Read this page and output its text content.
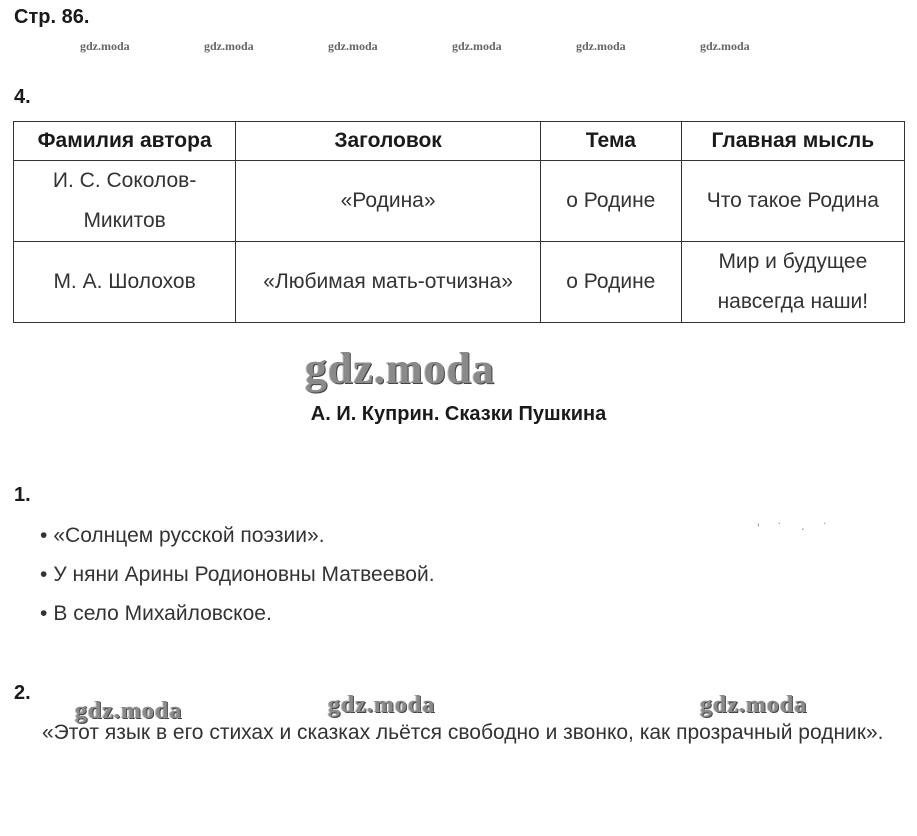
Стр. 86.
gdz.moda	gdz.moda	gdz.moda	gdz.moda	gdz.moda	gdz.moda
4.
Фамилия автора	Заголовок	Тема	Главная мысль
И. С. Соколов-Микитов	«Родина»	о Родине	Что такое Родина
М. А. Шолохов	«Любимая мать-отчизна»	о Родине	Мир и будущее навсегда наши!
gdz.moda
А. И. Куприн. Сказки Пушкина
1.
• «Солнцем русской поэзии».
• У няни Арины Родионовны Матвеевой.
• В село Михайловское.
'˙·˙
2.
gdz.moda	gdz.moda	gdz.moda
«Этот язык в его стихах и сказках льётся свободно и звонко, как прозрачный родник».
